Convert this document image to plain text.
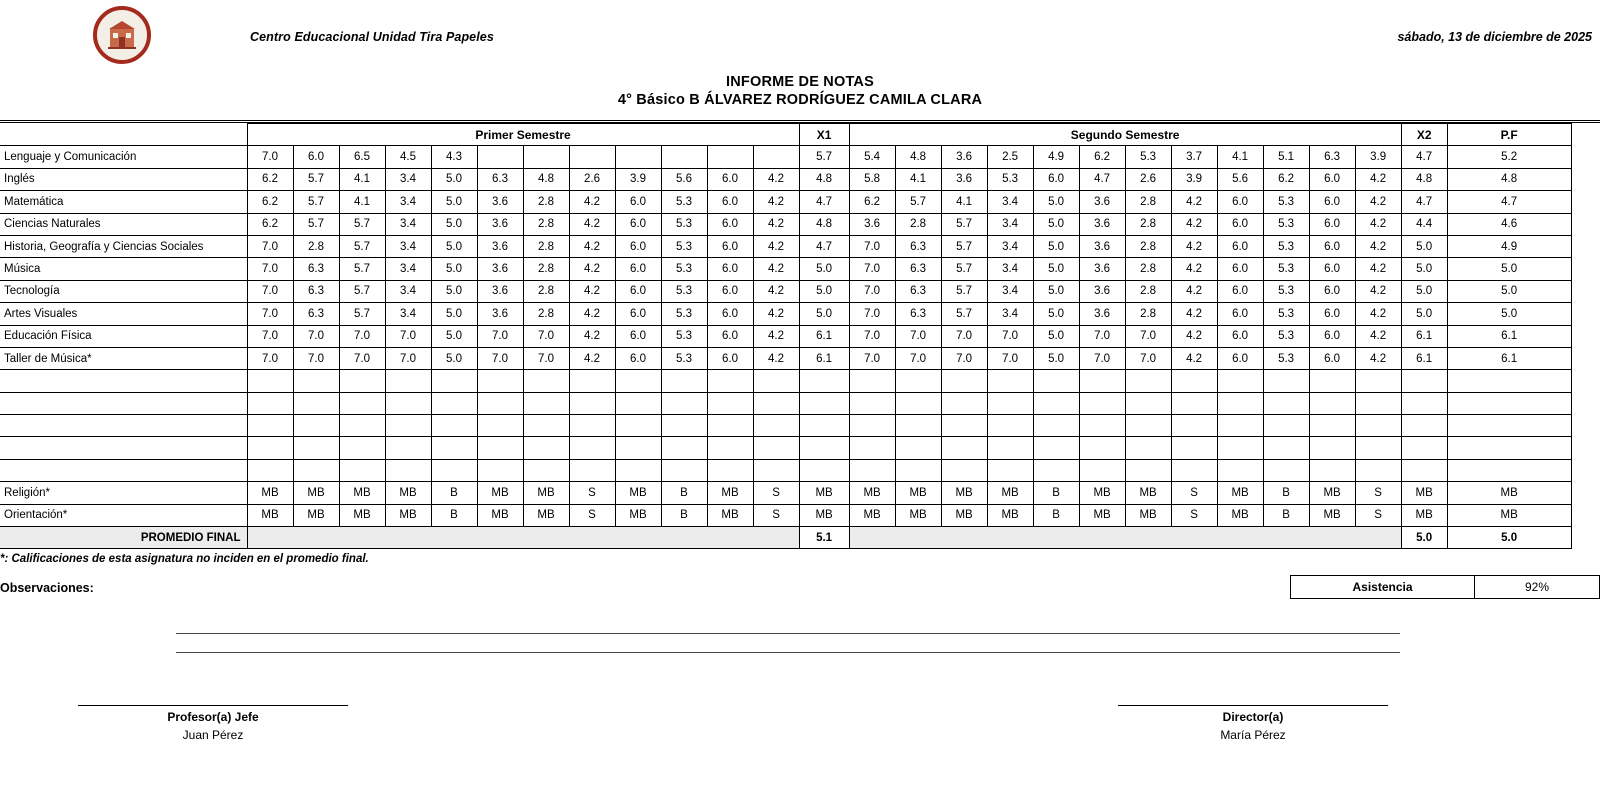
Centro Educacional Unidad Tira Papeles	sábado, 13 de diciembre de 2025
INFORME DE NOTAS
4° Básico B ÁLVAREZ RODRÍGUEZ CAMILA CLARA
	Primer Semestre												X1	Segundo Semestre												X2	P.F
Lenguaje y Comunicación	7.0	6.0	6.5	4.5	4.3								5.7	5.4	4.8	3.6	2.5	4.9	6.2	5.3	3.7	4.1	5.1	6.3	3.9	4.7	5.2
Inglés	6.2	5.7	4.1	3.4	5.0	6.3	4.8	2.6	3.9	5.6	6.0	4.2	4.8	5.8	4.1	3.6	5.3	6.0	4.7	2.6	3.9	5.6	6.2	6.0	4.2	4.8	4.8
Matemática	6.2	5.7	4.1	3.4	5.0	3.6	2.8	4.2	6.0	5.3	6.0	4.2	4.7	6.2	5.7	4.1	3.4	5.0	3.6	2.8	4.2	6.0	5.3	6.0	4.2	4.7	4.7
Ciencias Naturales	6.2	5.7	5.7	3.4	5.0	3.6	2.8	4.2	6.0	5.3	6.0	4.2	4.8	3.6	2.8	5.7	3.4	5.0	3.6	2.8	4.2	6.0	5.3	6.0	4.2	4.4	4.6
Historia, Geografía y Ciencias Sociales	7.0	2.8	5.7	3.4	5.0	3.6	2.8	4.2	6.0	5.3	6.0	4.2	4.7	7.0	6.3	5.7	3.4	5.0	3.6	2.8	4.2	6.0	5.3	6.0	4.2	5.0	4.9
Música	7.0	6.3	5.7	3.4	5.0	3.6	2.8	4.2	6.0	5.3	6.0	4.2	5.0	7.0	6.3	5.7	3.4	5.0	3.6	2.8	4.2	6.0	5.3	6.0	4.2	5.0	5.0
Tecnología	7.0	6.3	5.7	3.4	5.0	3.6	2.8	4.2	6.0	5.3	6.0	4.2	5.0	7.0	6.3	5.7	3.4	5.0	3.6	2.8	4.2	6.0	5.3	6.0	4.2	5.0	5.0
Artes Visuales	7.0	6.3	5.7	3.4	5.0	3.6	2.8	4.2	6.0	5.3	6.0	4.2	5.0	7.0	6.3	5.7	3.4	5.0	3.6	2.8	4.2	6.0	5.3	6.0	4.2	5.0	5.0
Educación Física	7.0	7.0	7.0	7.0	5.0	7.0	7.0	4.2	6.0	5.3	6.0	4.2	6.1	7.0	7.0	7.0	7.0	5.0	7.0	7.0	4.2	6.0	5.3	6.0	4.2	6.1	6.1
Taller de Música*	7.0	7.0	7.0	7.0	5.0	7.0	7.0	4.2	6.0	5.3	6.0	4.2	6.1	7.0	7.0	7.0	7.0	5.0	7.0	7.0	4.2	6.0	5.3	6.0	4.2	6.1	6.1

Religión*	MB	MB	MB	MB	B	MB	MB	S	MB	B	MB	S	MB	MB	MB	MB	MB	B	MB	MB	S	MB	B	MB	S	MB	MB
Orientación*	MB	MB	MB	MB	B	MB	MB	S	MB	B	MB	S	MB	MB	MB	MB	MB	B	MB	MB	S	MB	B	MB	S	MB	MB
PROMEDIO FINAL													5.1													5.0	5.0
*: Calificaciones de esta asignatura no inciden en el promedio final.
Observaciones:	Asistencia	92%
Profesor(a) Jefe
Juan Pérez
Director(a)
María Pérez
